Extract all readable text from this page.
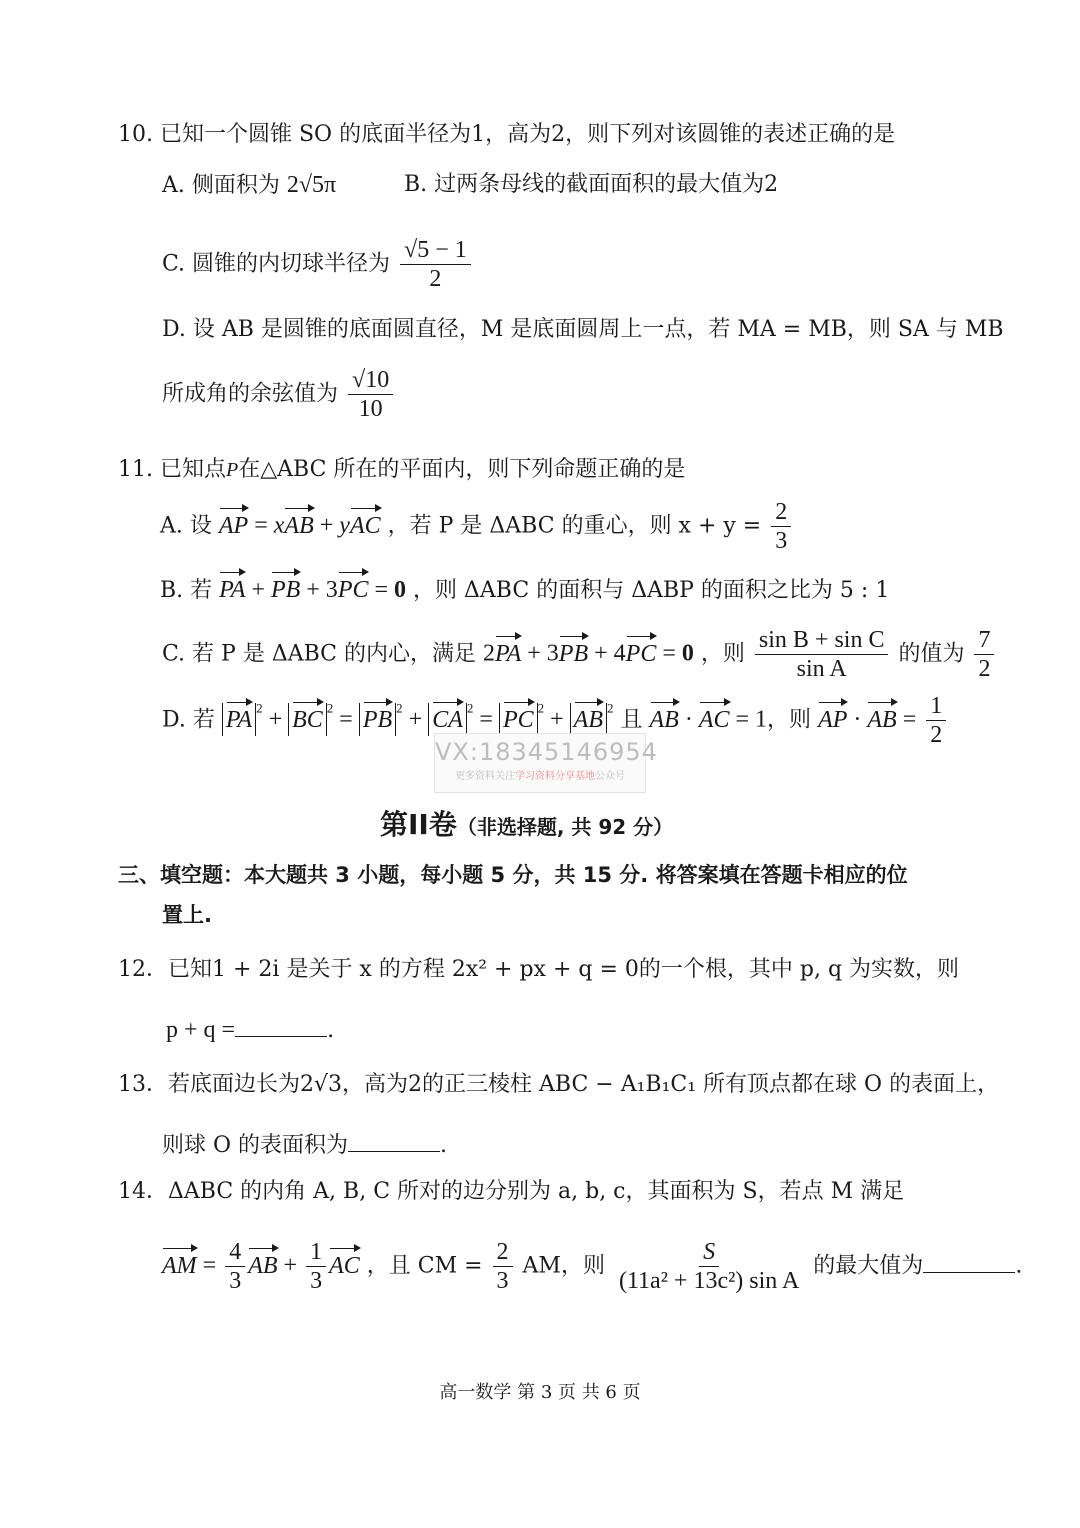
10. 已知一个圆锥 SO 的底面半径为1，高为2，则下列对该圆锥的表述正确的是
A. 侧面积为 2√5π	B. 过两条母线的截面面积的最大值为2
C. 圆锥的内切球半径为 $\frac{√5 - 1}{2}$
D. 设 AB 是圆锥的底面圆直径，M 是底面圆周上一点，若 MA = MB，则 SA 与 MB
所成角的余弦值为 $\frac{√10}{10}$
11. 已知点P在△ABC 所在的平面内，则下列命题正确的是
A. 设 AP = xAB + yAC ，若 P 是 ΔABC 的重心，则 $x + y = \frac{2}{3}$
B. 若 PA + PB + 3PC = 0 ，则 ΔABC 的面积与 ΔABP 的面积之比为 5 : 1
C. 若 P 是 ΔABC 的内心，满足 2PA + 3PB + 4PC = 0 ，则 $\frac{\text{sin B + sin C}}{\text{sin A}}$ 的值为 $\frac{7}{2}$
D. 若 PA $^2$ + BC $^2$ = PB $^2$ + CA $^2$ = PC $^2$ + AB $^2$ 且 AB · AC = 1，则 AP · AB = $\frac{1}{2}$
VX:18345146954
更多资料关注学习资料分享基地公众号
第II卷（非选择题, 共 92 分）
三、填空题：本大题共 3 小题，每小题 5 分，共 15 分. 将答案填在答题卡相应的位
置上.
12．已知1 + 2i 是关于 x 的方程 2x² + px + q = 0的一个根，其中 p, q 为实数，则
p + q =	.
13．若底面边长为2√3，高为2的正三棱柱 ABC − A₁B₁C₁ 所有顶点都在球 O 的表面上，
则球 O 的表面积为	.
14．ΔABC 的内角 A, B, C 所对的边分别为 a, b, c，其面积为 S，若点 M 满足
AM = $\frac{4}{3}$ AB + $\frac{1}{3}$ AC ，且 CM = $\frac{2}{3}$ AM，则 $\frac{S}{\text{(11a² + 13c²) sin A}}$ 的最大值为	.
高一数学 第 3 页 共 6 页
